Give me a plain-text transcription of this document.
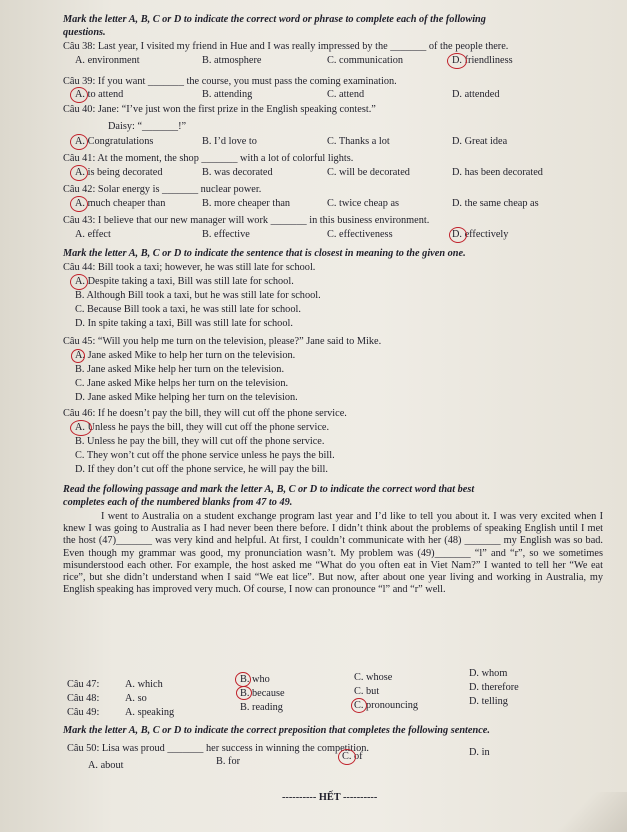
Mark the letter A, B, C or D to indicate the correct word or phrase to complete each of the following
questions.
Câu 38: Last year, I visited my friend in Hue and I was really impressed by the _______ of the people there.
A. environment	B. atmosphere	C. communication	D. friendliness
Câu 39: If you want _______ the course, you must pass the coming examination.
A. to attend	B. attending	C. attend	D. attended
Câu 40: Jane: “I’ve just won the first prize in the English speaking contest.”
Daisy: “_______!”
A. Congratulations	B. I’d love to	C. Thanks a lot	D. Great idea
Câu 41: At the moment, the shop _______ with a lot of colorful lights.
A. is being decorated	B. was decorated	C. will be decorated	D. has been decorated
Câu 42: Solar energy is _______ nuclear power.
A. much cheaper than	B. more cheaper than	C. twice cheap as	D. the same cheap as
Câu 43: I believe that our new manager will work _______ in this business environment.
A. effect	B. effective	C. effectiveness	D. effectively
Mark the letter A, B, C or D to indicate the sentence that is closest in meaning to the given one.
Câu 44: Bill took a taxi; however, he was still late for school.
A. Despite taking a taxi, Bill was still late for school.
B. Although Bill took a taxi, but he was still late for school.
C. Because Bill took a taxi, he was still late for school.
D. In spite taking a taxi, Bill was still late for school.
Câu 45: “Will you help me turn on the television, please?” Jane said to Mike.
A. Jane asked Mike to help her turn on the television.
B. Jane asked Mike help her turn on the television.
C. Jane asked Mike helps her turn on the television.
D. Jane asked Mike helping her turn on the television.
Câu 46: If he doesn’t pay the bill, they will cut off the phone service.
A. Unless he pays the bill, they will cut off the phone service.
B. Unless he pay the bill, they will cut off the phone service.
C. They won’t cut off the phone service unless he pays the bill.
D. If they don’t cut off the phone service, he will pay the bill.
Read the following passage and mark the letter A, B, C or D to indicate the correct word that best
completes each of the numbered blanks from 47 to 49.

I went to Australia on a student exchange program last year and I’d like to tell you about it. I was very excited when I knew I was going to Australia as I had never been there before. I didn’t think about the problems of speaking English until I met the host (47)_______ was very kind and helpful. At first, I couldn’t communicate with her (48) _______ my English was so bad. Even though my grammar was good, my pronunciation wasn’t. My problem was (49)_______ “l” and “r”, so we sometimes misunderstood each other. For example, the host asked me “What do you often eat in Viet Nam?” I wanted to tell her “We eat rice”, but she didn’t understand when I said “We eat lice”. But now, after about one year living and working in Australia, my English speaking has improved very much. Of course, I now can pronounce “l” and “r” well.

Câu 47: A. which	B. who	C. whose	D. whom
Câu 48: A. so	B. because	C. but	D. therefore
Câu 49: A. speaking	B. reading	C. pronouncing	D. telling
Mark the letter A, B, C or D to indicate the correct preposition that completes the following sentence.
Câu 50: Lisa was proud _______ her success in winning the competition.
A. about	B. for	C. of	D. in
---------- HẾT ----------
